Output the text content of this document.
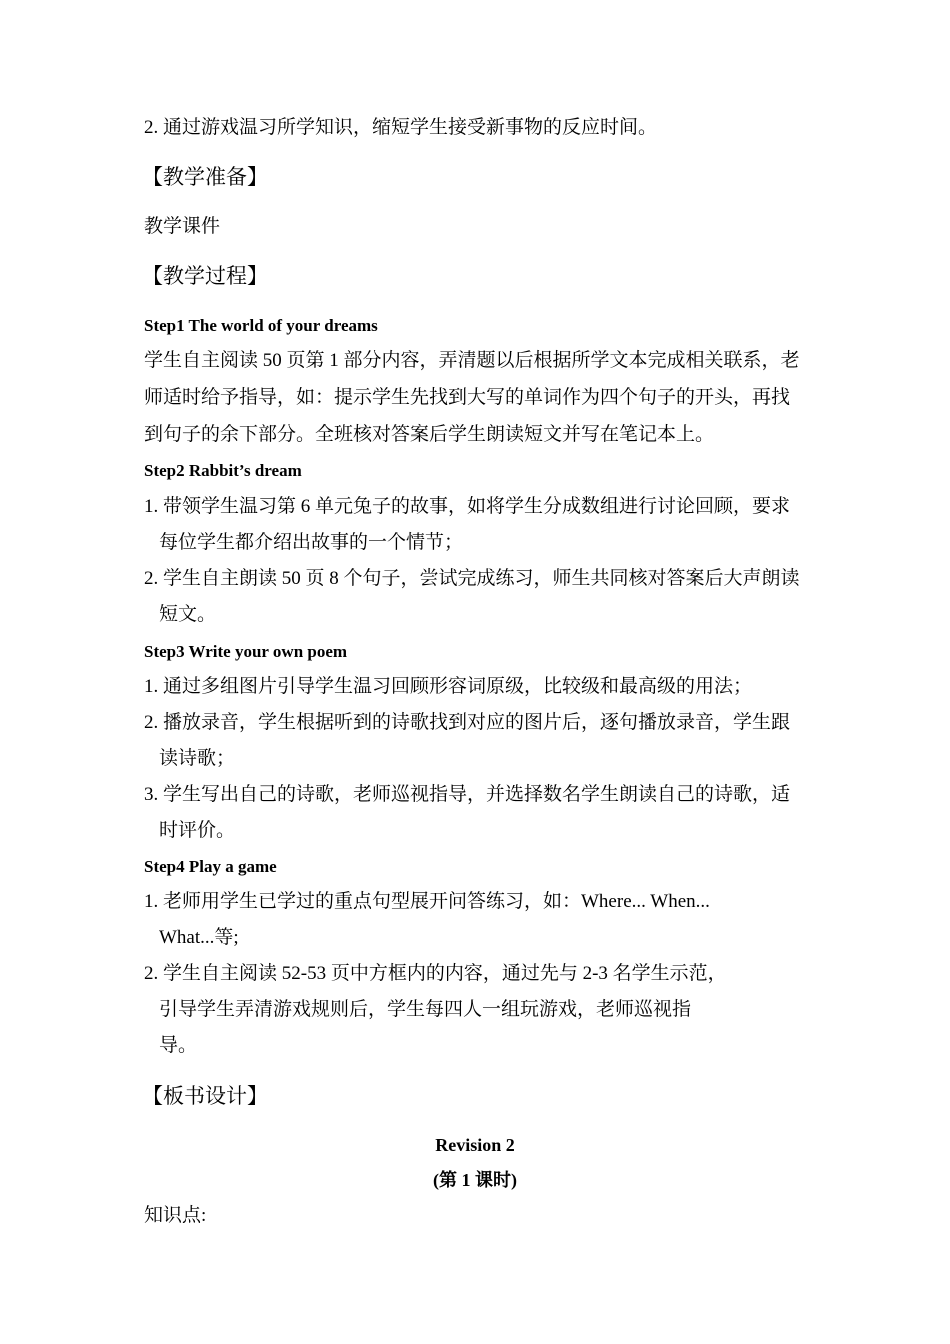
2. 通过游戏温习所学知识，缩短学生接受新事物的反应时间。
【教学准备】
教学课件
【教学过程】
Step1 The world of your dreams
学生自主阅读 50 页第 1 部分内容，弄清题以后根据所学文本完成相关联系，老
师适时给予指导，如：提示学生先找到大写的单词作为四个句子的开头，再找
到句子的余下部分。全班核对答案后学生朗读短文并写在笔记本上。
Step2 Rabbit’s dream
1. 带领学生温习第 6 单元兔子的故事，如将学生分成数组进行讨论回顾，要求
每位学生都介绍出故事的一个情节；
2. 学生自主朗读 50 页 8 个句子，尝试完成练习，师生共同核对答案后大声朗读
短文。
Step3 Write your own poem
1. 通过多组图片引导学生温习回顾形容词原级，比较级和最高级的用法；
2. 播放录音，学生根据听到的诗歌找到对应的图片后，逐句播放录音，学生跟
读诗歌；
3. 学生写出自己的诗歌，老师巡视指导，并选择数名学生朗读自己的诗歌，适
时评价。
Step4 Play a game
1. 老师用学生已学过的重点句型展开问答练习，如：Where... When...
What...等;
2. 学生自主阅读 52-53 页中方框内的内容，通过先与 2-3 名学生示范，
引导学生弄清游戏规则后，学生每四人一组玩游戏，老师巡视指
导。
【板书设计】
Revision 2
(第 1 课时)
知识点:
